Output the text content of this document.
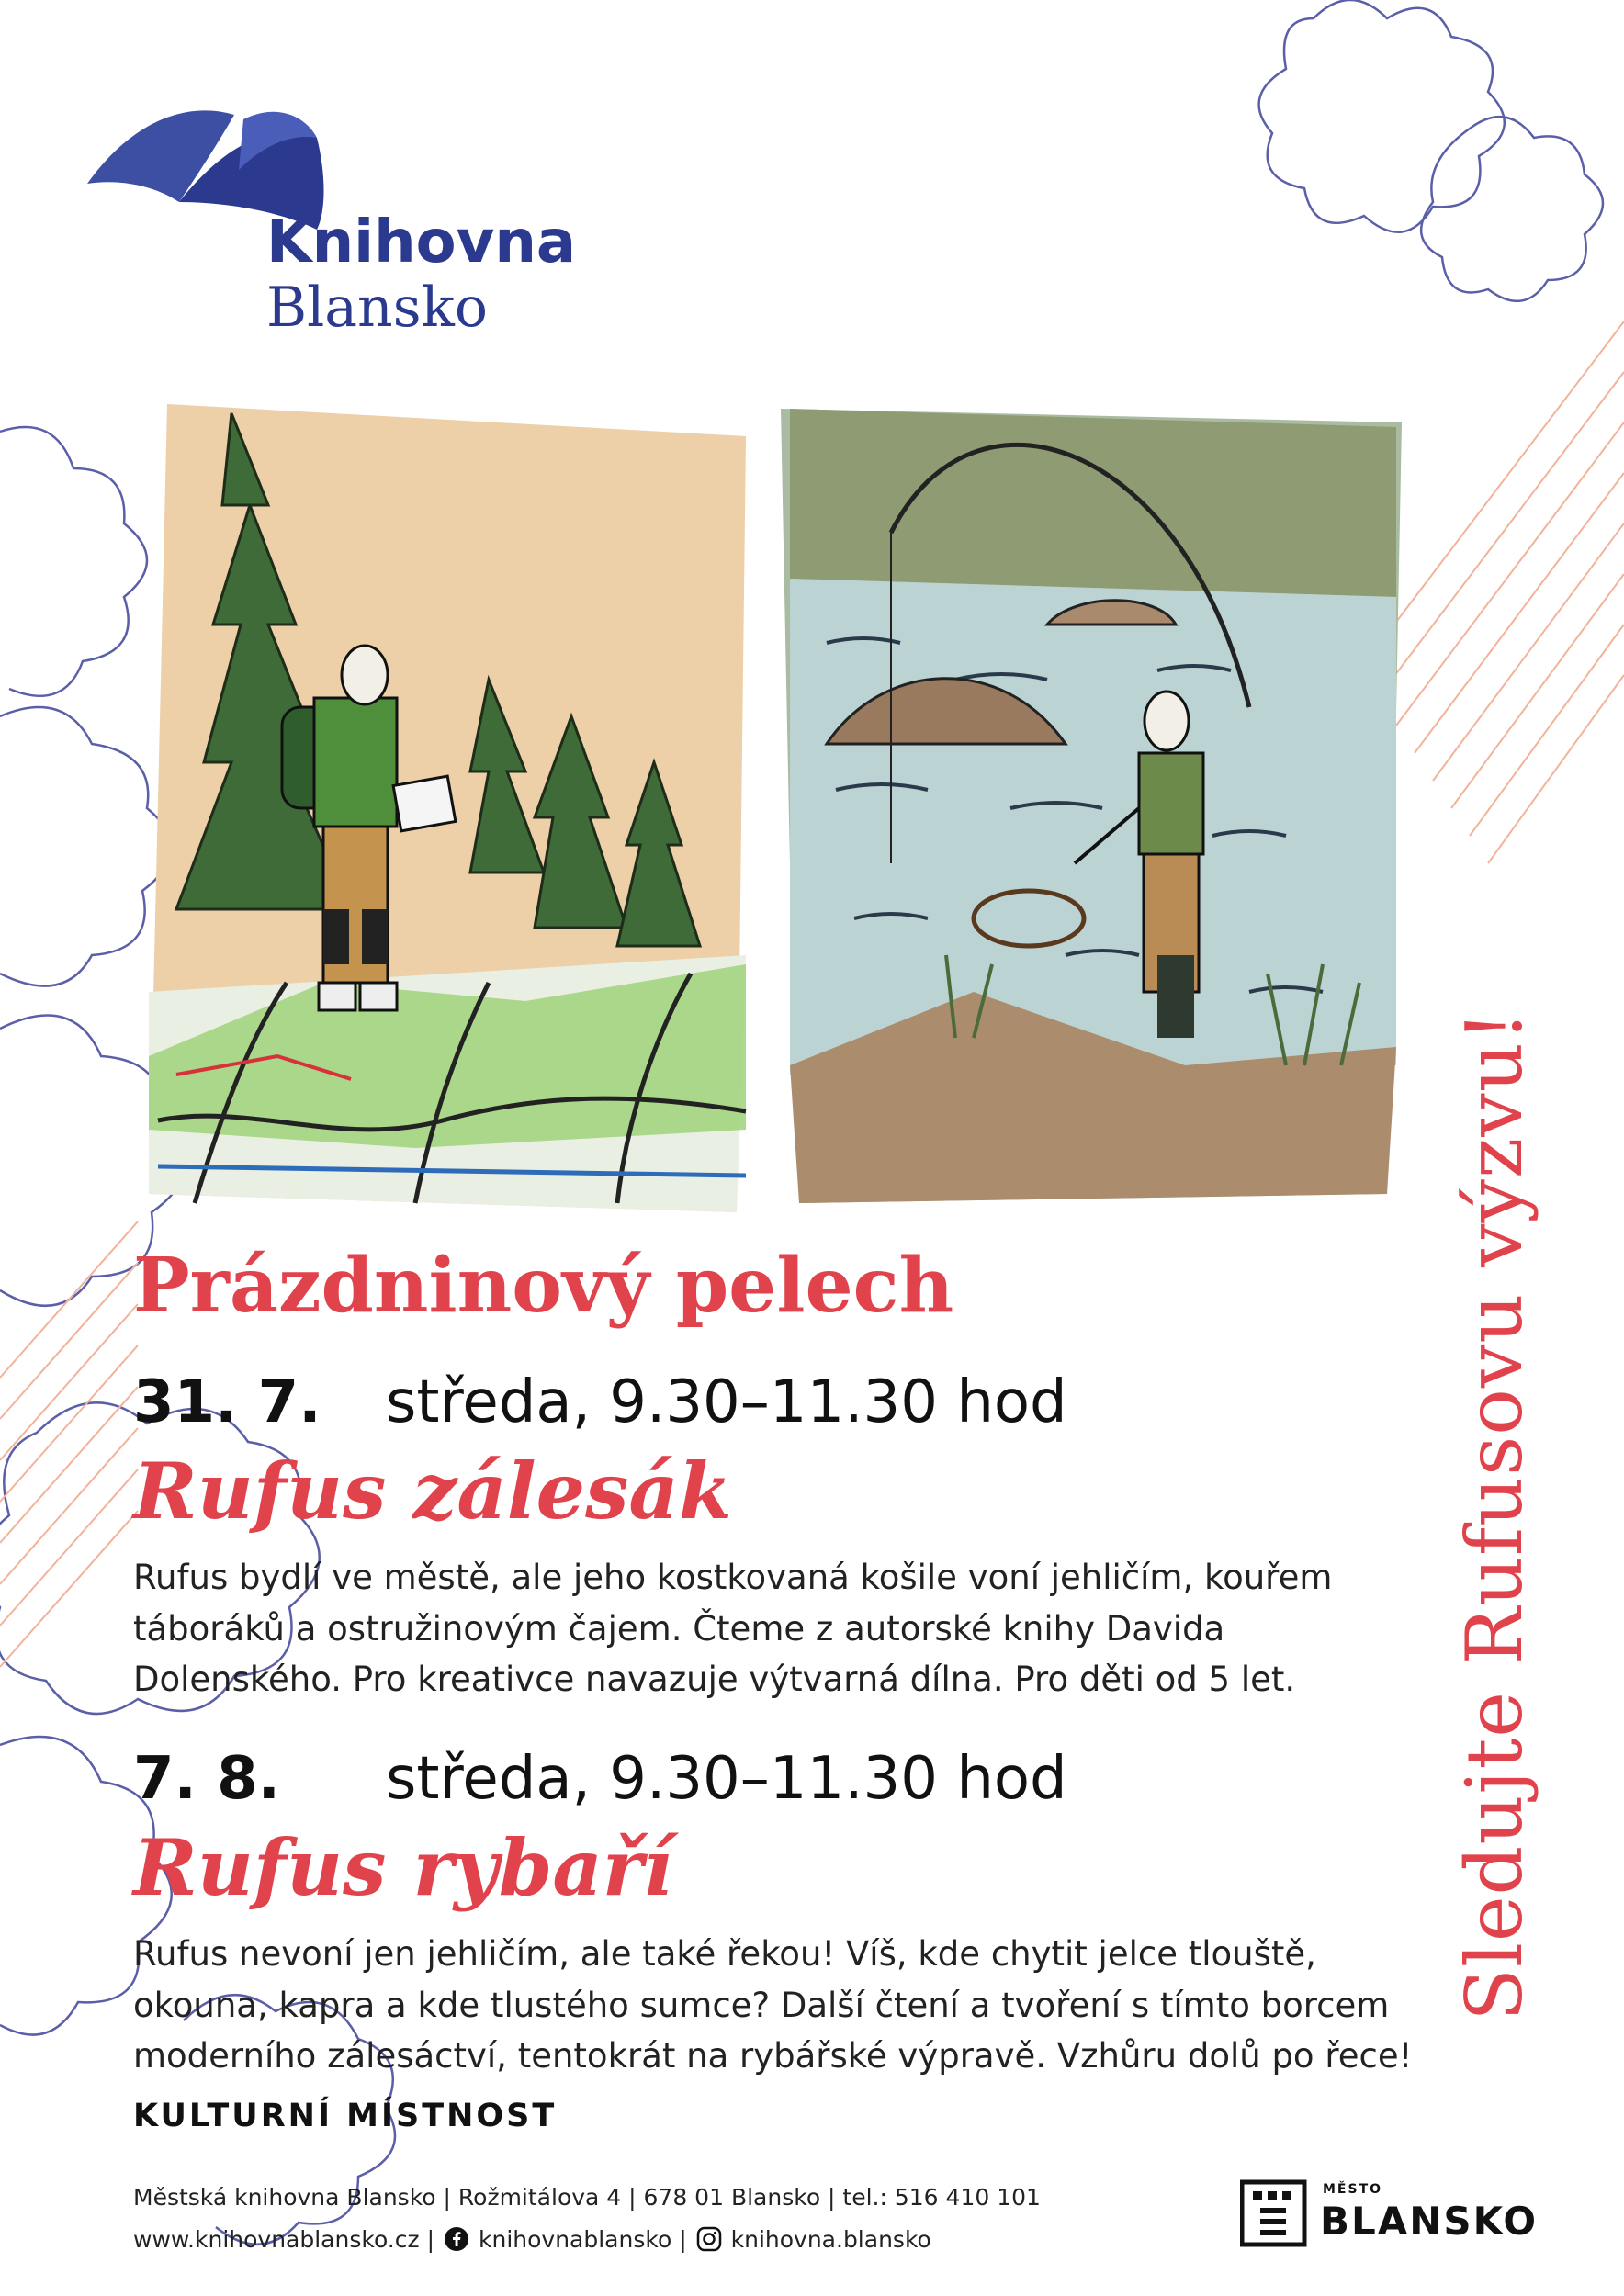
Knihovna
Blansko
Prázdninový pelech
31. 7. středa, 9.30–11.30 hod
Rufus zálesák
Rufus bydlí ve městě, ale jeho kostkovaná košile voní jehličím, kouřem
táboráků a ostružinovým čajem. Čteme z autorské knihy Davida
Dolenského. Pro kreativce navazuje výtvarná dílna. Pro děti od 5 let.
7. 8. středa, 9.30–11.30 hod
Rufus rybaří
Rufus nevoní jen jehličím, ale také řekou! Víš, kde chytit jelce tlouště,
okouna, kapra a kde tlustého sumce? Další čtení a tvoření s tímto borcem
moderního zálesáctví, tentokrát na rybářské výpravě. Vzhůru dolů po řece!
KULTURNÍ MÍSTNOST
Sledujte Rufusovu výzvu!
Městská knihovna Blansko | Rožmitálova 4 | 678 01 Blansko | tel.: 516 410 101
www.knihovnablansko.cz | knihovnablansko | knihovna.blansko
MĚSTO
BLANSKO
